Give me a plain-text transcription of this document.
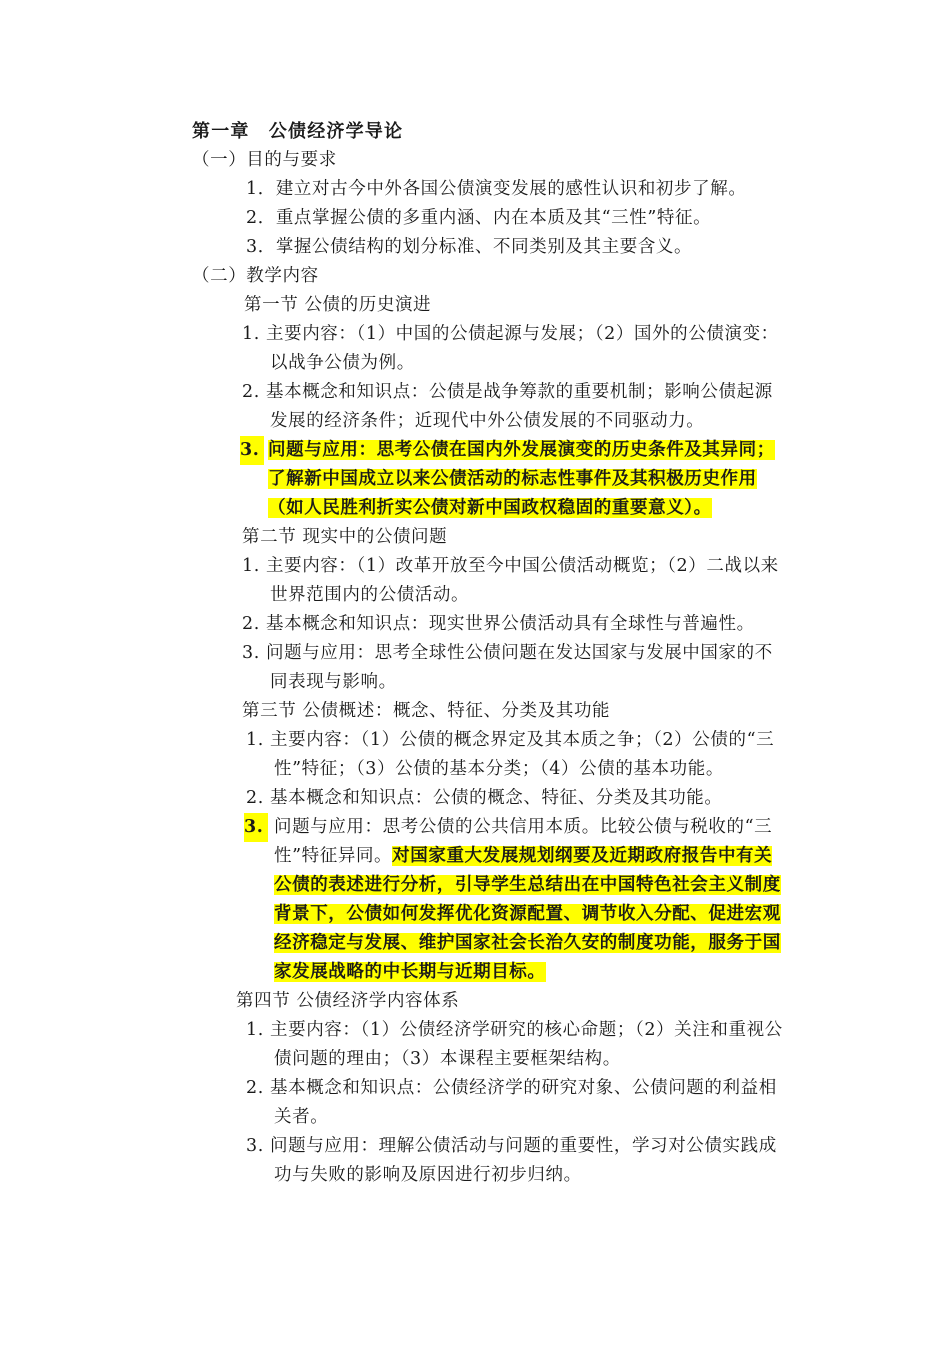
第一章　公债经济学导论
（一）目的与要求
1．建立对古今中外各国公债演变发展的感性认识和初步了解。
2．重点掌握公债的多重内涵、内在本质及其“三性”特征。
3．掌握公债结构的划分标准、不同类别及其主要含义。
（二）教学内容
第一节 公债的历史演进
1. 主要内容：（1）中国的公债起源与发展；（2）国外的公债演变：
以战争公债为例。
2. 基本概念和知识点：公债是战争筹款的重要机制；影响公债起源
发展的经济条件；近现代中外公债发展的不同驱动力。
3. 问题与应用：思考公债在国内外发展演变的历史条件及其异同；
了解新中国成立以来公债活动的标志性事件及其积极历史作用
（如人民胜利折实公债对新中国政权稳固的重要意义）。
第二节 现实中的公债问题
1. 主要内容：（1）改革开放至今中国公债活动概览；（2）二战以来
世界范围内的公债活动。
2. 基本概念和知识点：现实世界公债活动具有全球性与普遍性。
3. 问题与应用：思考全球性公债问题在发达国家与发展中国家的不
同表现与影响。
第三节 公债概述：概念、特征、分类及其功能
1. 主要内容：（1）公债的概念界定及其本质之争；（2）公债的“三
性”特征；（3）公债的基本分类；（4）公债的基本功能。
2. 基本概念和知识点：公债的概念、特征、分类及其功能。
3. 问题与应用：思考公债的公共信用本质。比较公债与税收的“三
性”特征异同。对国家重大发展规划纲要及近期政府报告中有关
公债的表述进行分析，引导学生总结出在中国特色社会主义制度
背景下，公债如何发挥优化资源配置、调节收入分配、促进宏观
经济稳定与发展、维护国家社会长治久安的制度功能，服务于国
家发展战略的中长期与近期目标。
第四节 公债经济学内容体系
1. 主要内容：（1）公债经济学研究的核心命题；（2）关注和重视公
债问题的理由；（3）本课程主要框架结构。
2. 基本概念和知识点：公债经济学的研究对象、公债问题的利益相
关者。
3. 问题与应用：理解公债活动与问题的重要性，学习对公债实践成
功与失败的影响及原因进行初步归纳。
